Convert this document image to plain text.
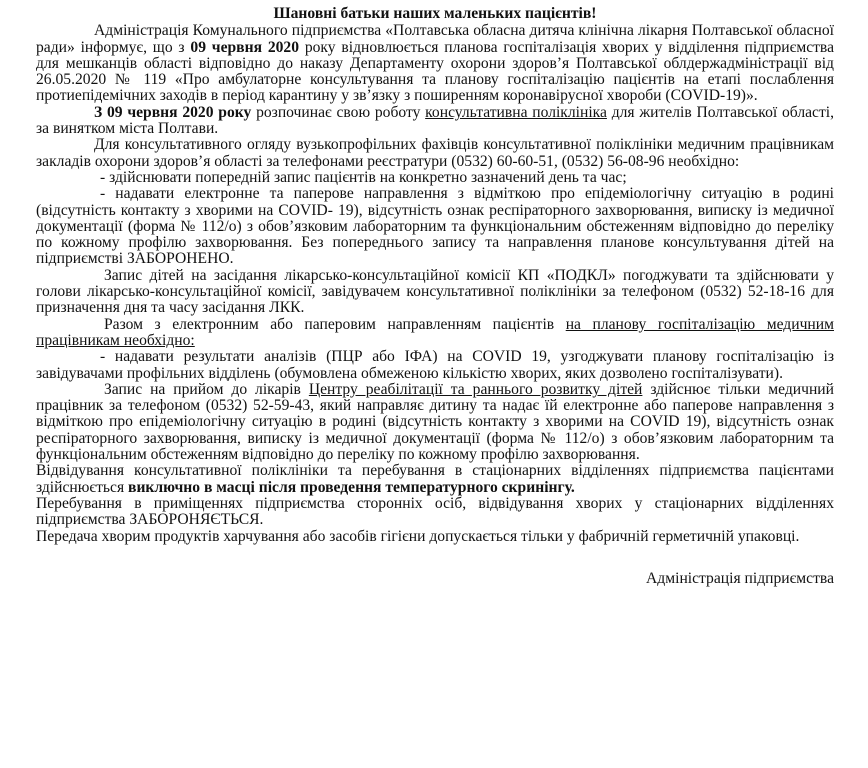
Шановні батьки наших маленьких пацієнтів!

Адміністрація Комунального підприємства «Полтавська обласна дитяча клінічна лікарня Полтавської обласної ради» інформує, що з 09 червня 2020 року відновлюється планова госпіталізація хворих у відділення підприємства для мешканців області відповідно до наказу Департаменту охорони здоров’я Полтавської облдержадміністрації від 26.05.2020 № 119 «Про амбулаторне консультування та планову госпіталізацію пацієнтів на етапі послаблення протиепідемічних заходів в період карантину у зв’язку з поширенням коронавірусної хвороби (COVID-19)».

З 09 червня 2020 року розпочинає свою роботу консультативна поліклініка для жителів Полтавської області, за винятком міста Полтави.

Для консультативного огляду вузькопрофільних фахівців консультативної поліклініки медичним працівникам закладів охорони здоров’я області за телефонами реєстратури (0532) 60-60-51, (0532) 56-08-96 необхідно:

- здійснювати попередній запис пацієнтів на конкретно зазначений день та час;

- надавати електронне та паперове направлення з відміткою про епідеміологічну ситуацію в родині (відсутність контакту з хворими на COVID- 19), відсутність ознак респіраторного захворювання, виписку із медичної документації (форма № 112/о) з обов’язковим лабораторним та функціональним обстеженням відповідно до переліку по кожному профілю захворювання. Без попереднього запису та направлення планове консультування дітей на підприємстві ЗАБОРОНЕНО.

Запис дітей на засідання лікарсько-консультаційної комісії КП «ПОДКЛ» погоджувати та здійснювати у голови лікарсько-консультаційної комісії, завідувачем консультативної поліклініки за телефоном (0532) 52-18-16 для призначення дня та часу засідання ЛКК.

Разом з електронним або паперовим направленням пацієнтів на планову госпіталізацію медичним працівникам необхідно:

- надавати результати аналізів (ПЦР або ІФА) на COVID 19, узгоджувати планову госпіталізацію із завідувачами профільних відділень (обумовлена обмеженою кількістю хворих, яких дозволено госпіталізувати).

Запис на прийом до лікарів Центру реабілітації та раннього розвитку дітей здійснює тільки медичний працівник за телефоном (0532) 52-59-43, який направляє дитину та надає їй електронне або паперове направлення з відміткою про епідеміологічну ситуацію в родині (відсутність контакту з хворими на COVID 19), відсутність ознак респіраторного захворювання, виписку із медичної документації (форма № 112/о) з обов’язковим лабораторним та функціональним обстеженням відповідно до переліку по кожному профілю захворювання.

Відвідування консультативної поліклініки та перебування в стаціонарних відділеннях підприємства пацієнтами здійснюється виключно в масці після проведення температурного скринінгу.

Перебування в приміщеннях підприємства сторонніх осіб, відвідування хворих у стаціонарних відділеннях підприємства ЗАБОРОНЯЄТЬСЯ.

Передача хворим продуктів харчування або засобів гігієни допускається тільки у фабричній герметичній упаковці.

Адміністрація підприємства
